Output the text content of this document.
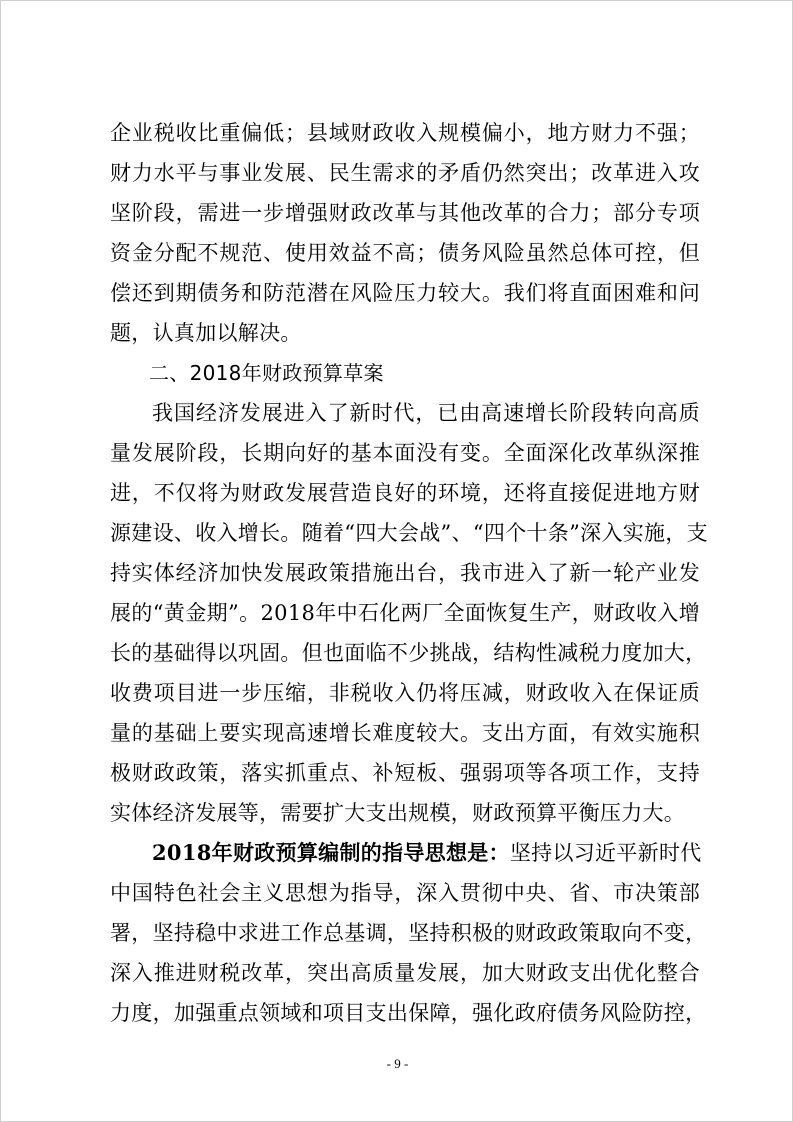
企业税收比重偏低；县域财政收入规模偏小，地方财力不强；
财力水平与事业发展、民生需求的矛盾仍然突出；改革进入攻
坚阶段，需进一步增强财政改革与其他改革的合力；部分专项
资金分配不规范、使用效益不高；债务风险虽然总体可控，但
偿还到期债务和防范潜在风险压力较大。我们将直面困难和问
题，认真加以解决。
二、2018年财政预算草案
我国经济发展进入了新时代，已由高速增长阶段转向高质
量发展阶段，长期向好的基本面没有变。全面深化改革纵深推
进，不仅将为财政发展营造良好的环境，还将直接促进地方财
源建设、收入增长。随着“四大会战”、“四个十条”深入实施，支
持实体经济加快发展政策措施出台，我市进入了新一轮产业发
展的“黄金期”。2018年中石化两厂全面恢复生产，财政收入增
长的基础得以巩固。但也面临不少挑战，结构性减税力度加大，
收费项目进一步压缩，非税收入仍将压减，财政收入在保证质
量的基础上要实现高速增长难度较大。支出方面，有效实施积
极财政政策，落实抓重点、补短板、强弱项等各项工作，支持
实体经济发展等，需要扩大支出规模，财政预算平衡压力大。
2018年财政预算编制的指导思想是：坚持以习近平新时代
中国特色社会主义思想为指导，深入贯彻中央、省、市决策部
署，坚持稳中求进工作总基调，坚持积极的财政政策取向不变，
深入推进财税改革，突出高质量发展，加大财政支出优化整合
力度，加强重点领域和项目支出保障，强化政府债务风险防控，
- 9 -
